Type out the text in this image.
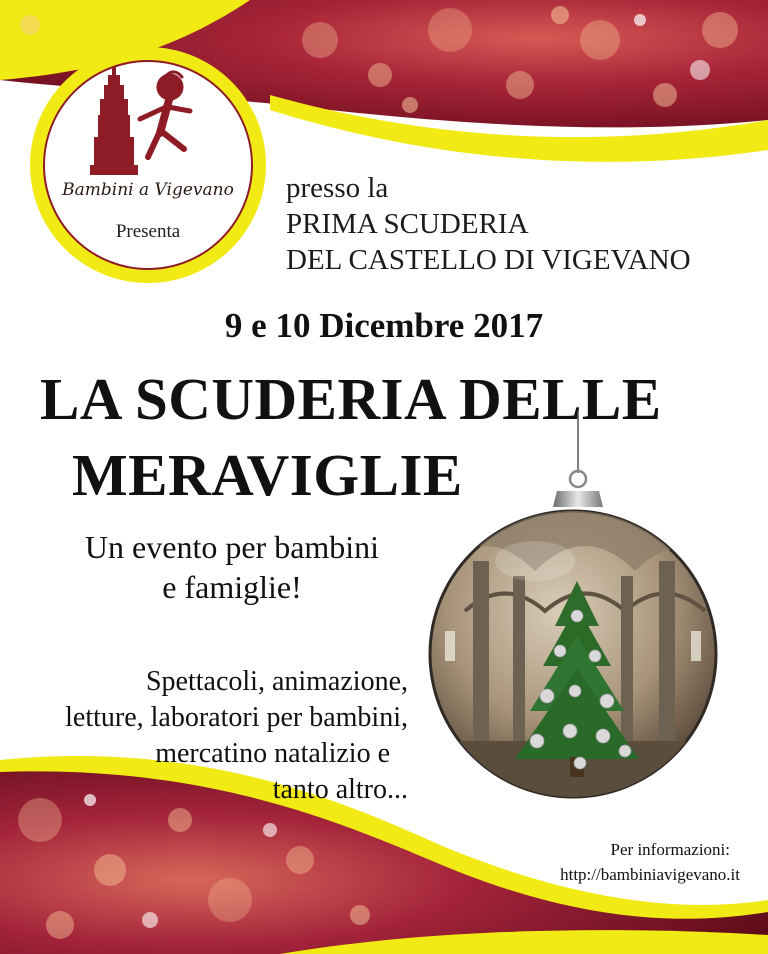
Bambini a Vigevano
Presenta

presso la

PRIMA SCUDERIA

DEL CASTELLO DI VIGEVANO

9 e 10 Dicembre 2017

LA SCUDERIA DELLE

MERAVIGLIE

Un evento per bambini

e famiglie!

Spettacoli, animazione,

letture, laboratori per bambini,

mercatino natalizio e

tanto altro...

Per informazioni:

http://bambiniavigevano.it
